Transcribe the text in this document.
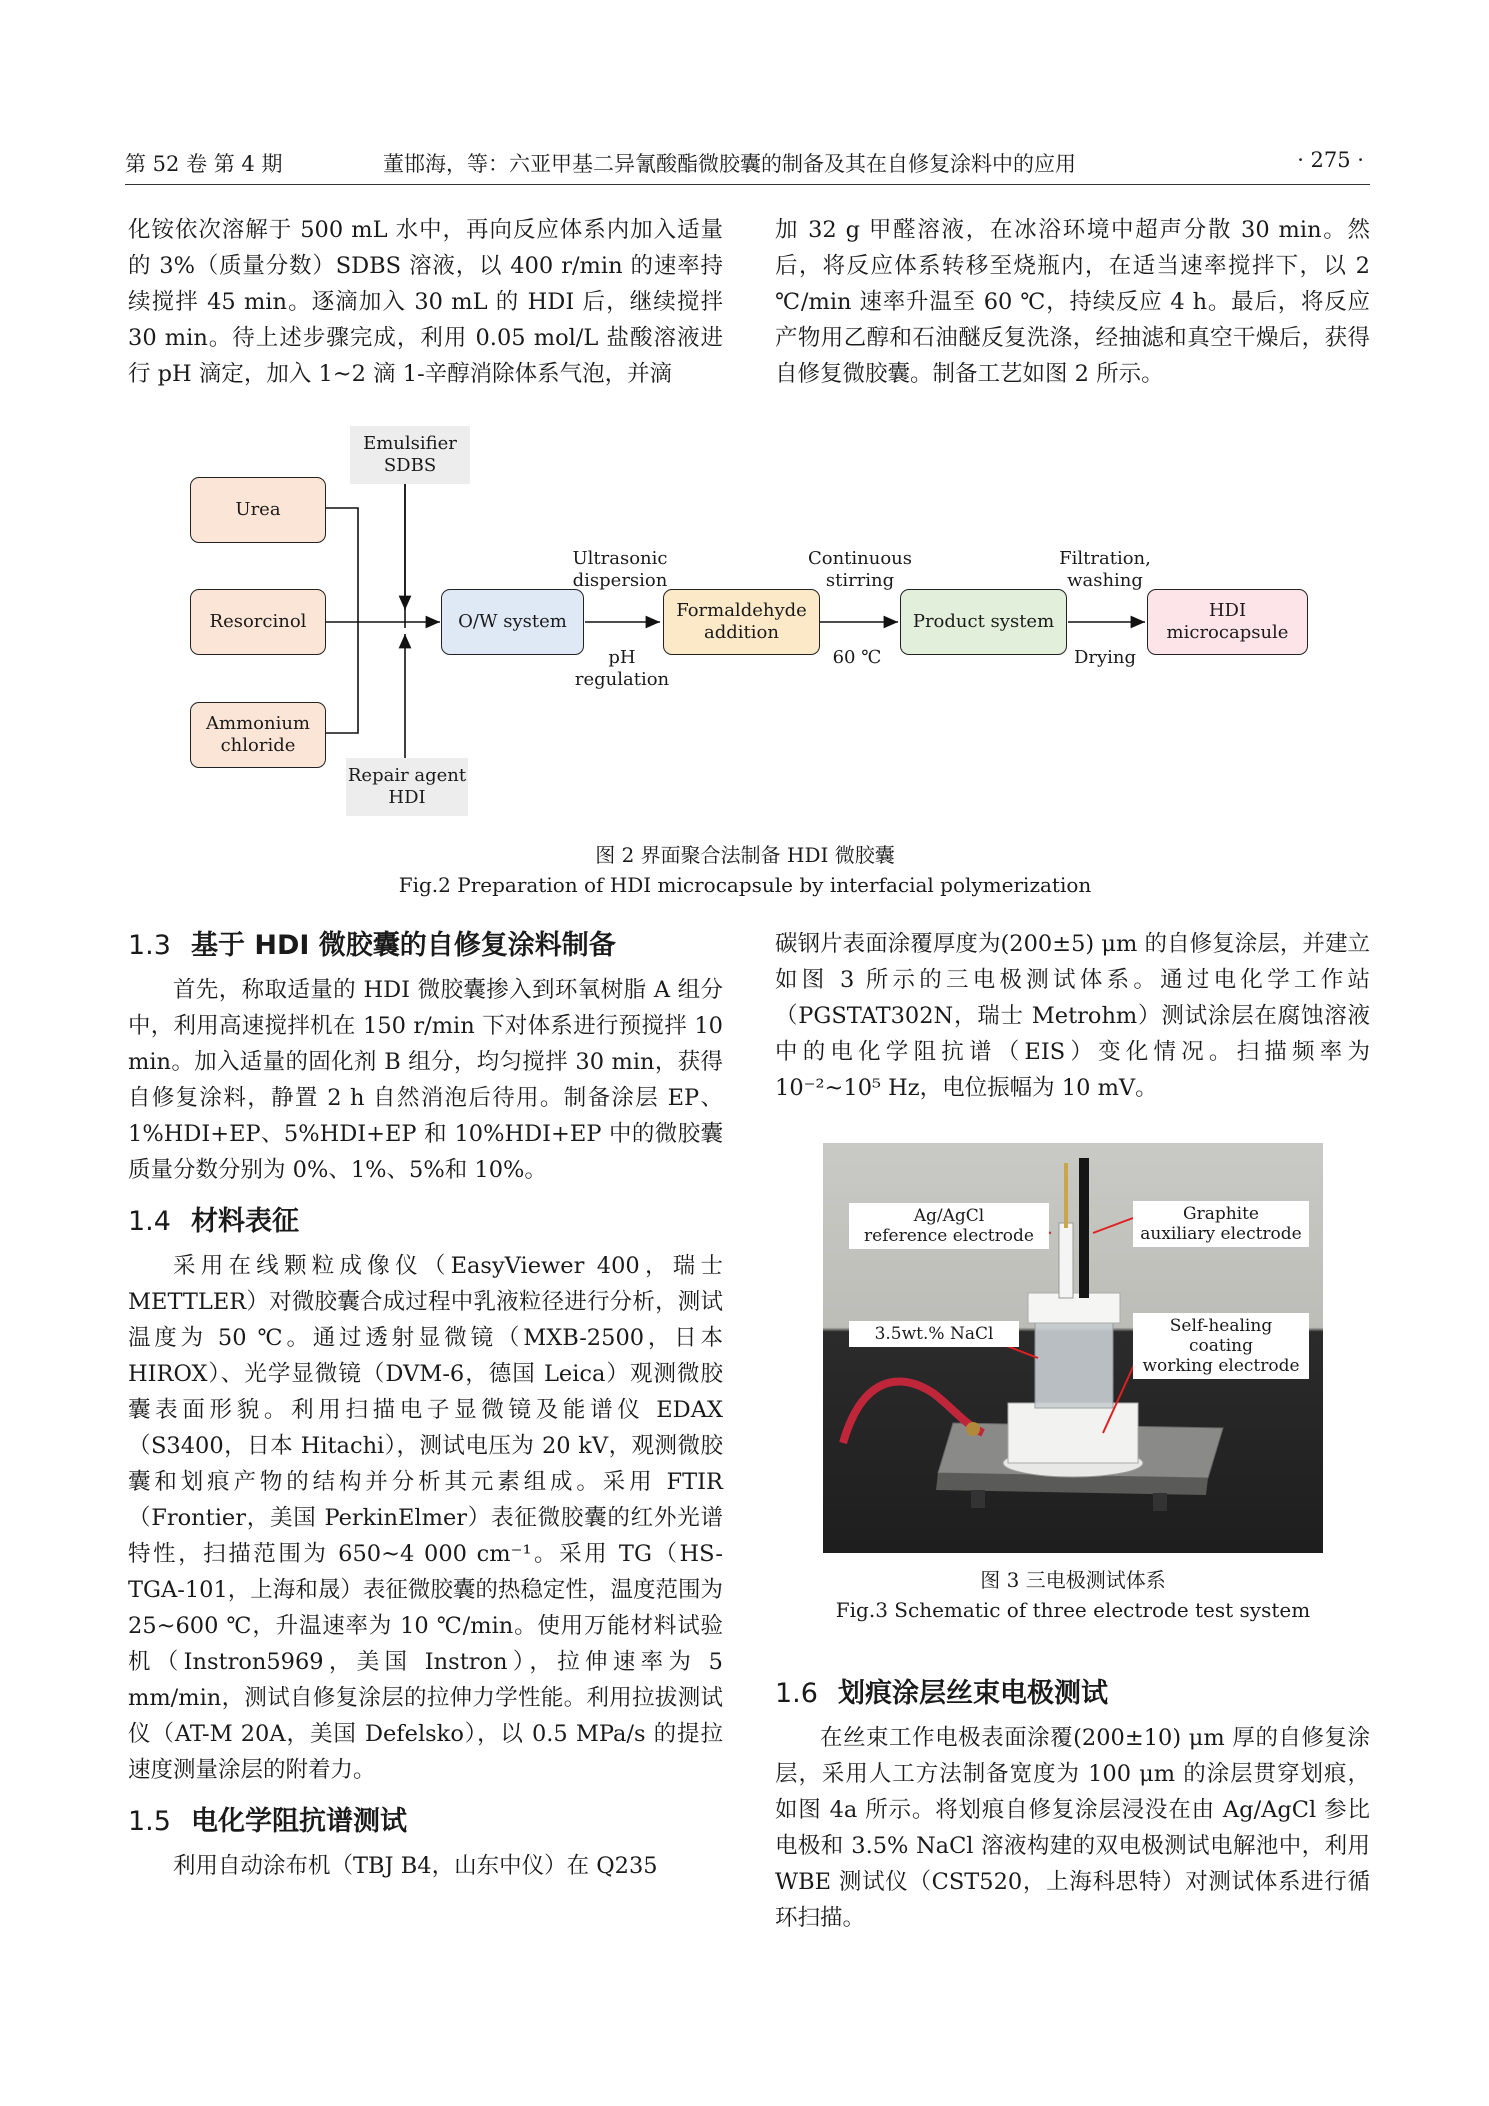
第 52 卷 第 4 期	董邯海，等：六亚甲基二异氰酸酯微胶囊的制备及其在自修复涂料中的应用	· 275 ·

化铵依次溶解于 500 mL 水中，再向反应体系内加入适量的 3%（质量分数）SDBS 溶液，以 400 r/min 的速率持续搅拌 45 min。逐滴加入 30 mL 的 HDI 后，继续搅拌 30 min。待上述步骤完成，利用 0.05 mol/L 盐酸溶液进行 pH 滴定，加入 1~2 滴 1-辛醇消除体系气泡，并滴

加 32 g 甲醛溶液，在冰浴环境中超声分散 30 min。然后，将反应体系转移至烧瓶内，在适当速率搅拌下，以 2 ℃/min 速率升温至 60 ℃，持续反应 4 h。最后，将反应产物用乙醇和石油醚反复洗涤，经抽滤和真空干燥后，获得自修复微胶囊。制备工艺如图 2 所示。

Emulsifier
SDBS
Urea
Resorcinol
Ammonium
chloride
Repair agent
HDI
O/W system
Formaldehyde
addition
Product system
HDI
microcapsule
Ultrasonic
dispersion
pH
regulation
Continuous
stirring
60 ℃
Filtration,
washing
Drying
图 2 界面聚合法制备 HDI 微胶囊
Fig.2 Preparation of HDI microcapsule by interfacial polymerization
1.3 基于 HDI 微胶囊的自修复涂料制备

首先，称取适量的 HDI 微胶囊掺入到环氧树脂 A 组分中，利用高速搅拌机在 150 r/min 下对体系进行预搅拌 10 min。加入适量的固化剂 B 组分，均匀搅拌 30 min，获得自修复涂料，静置 2 h 自然消泡后待用。制备涂层 EP、1%HDI+EP、5%HDI+EP 和 10%HDI+EP 中的微胶囊质量分数分别为 0%、1%、5%和 10%。

1.4 材料表征

采用在线颗粒成像仪（EasyViewer 400，瑞士 METTLER）对微胶囊合成过程中乳液粒径进行分析，测试温度为 50 ℃。通过透射显微镜（MXB-2500，日本 HIROX）、光学显微镜（DVM-6，德国 Leica）观测微胶囊表面形貌。利用扫描电子显微镜及能谱仪 EDAX（S3400，日本 Hitachi），测试电压为 20 kV，观测微胶囊和划痕产物的结构并分析其元素组成。采用 FTIR（Frontier，美国 PerkinElmer）表征微胶囊的红外光谱特性，扫描范围为 650~4 000 cm⁻¹。采用 TG（HS-TGA-101，上海和晟）表征微胶囊的热稳定性，温度范围为 25~600 ℃，升温速率为 10 ℃/min。使用万能材料试验机（Instron5969，美国 Instron），拉伸速率为 5 mm/min，测试自修复涂层的拉伸力学性能。利用拉拔测试仪（AT-M 20A，美国 Defelsko），以 0.5 MPa/s 的提拉速度测量涂层的附着力。

1.5 电化学阻抗谱测试

利用自动涂布机（TBJ B4，山东中仪）在 Q235

碳钢片表面涂覆厚度为(200±5) μm 的自修复涂层，并建立如图 3 所示的三电极测试体系。通过电化学工作站（PGSTAT302N，瑞士 Metrohm）测试涂层在腐蚀溶液中的电化学阻抗谱（EIS）变化情况。扫描频率为 10⁻²~10⁵ Hz，电位振幅为 10 mV。

Ag/AgCl
reference electrode
Graphite
auxiliary electrode
3.5wt.% NaCl	Self-healing coating
working electrode
图 3 三电极测试体系
Fig.3 Schematic of three electrode test system
1.6 划痕涂层丝束电极测试

在丝束工作电极表面涂覆(200±10) μm 厚的自修复涂层，采用人工方法制备宽度为 100 μm 的涂层贯穿划痕，如图 4a 所示。将划痕自修复涂层浸没在由 Ag/AgCl 参比电极和 3.5% NaCl 溶液构建的双电极测试电解池中，利用 WBE 测试仪（CST520，上海科思特）对测试体系进行循环扫描。
